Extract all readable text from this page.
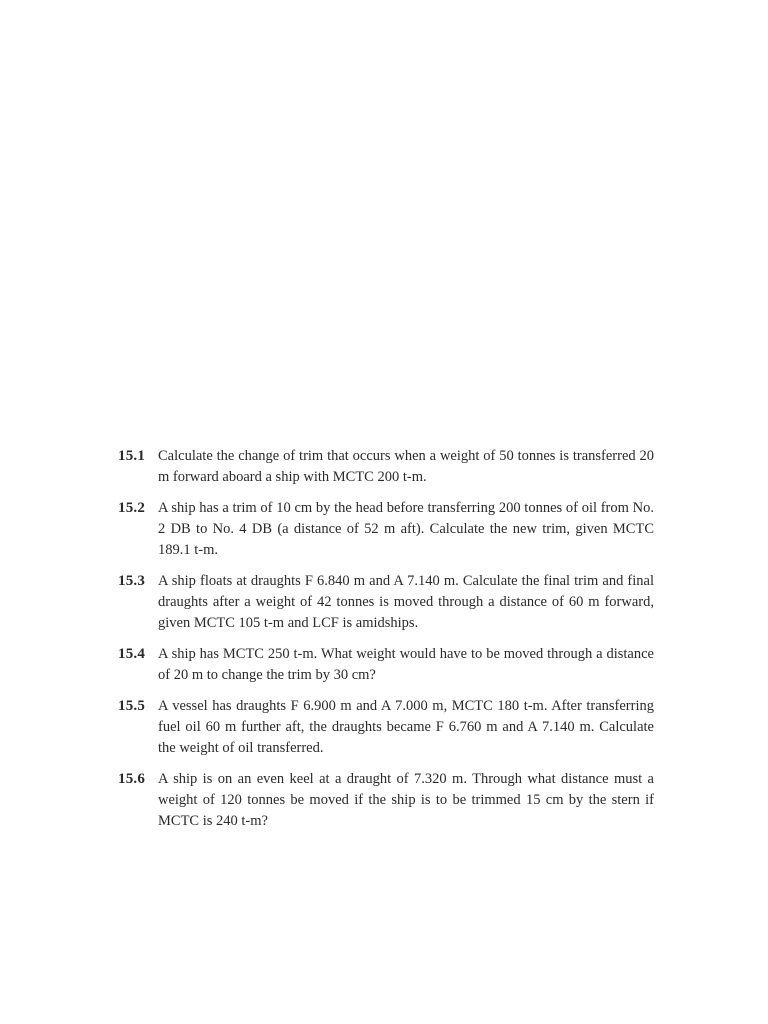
15.1 Calculate the change of trim that occurs when a weight of 50 tonnes is transferred 20 m forward aboard a ship with MCTC 200 t-m.

15.2 A ship has a trim of 10 cm by the head before transferring 200 tonnes of oil from No. 2 DB to No. 4 DB (a distance of 52 m aft). Calculate the new trim, given MCTC 189.1 t-m.

15.3 A ship floats at draughts F 6.840 m and A 7.140 m. Calculate the final trim and final draughts after a weight of 42 tonnes is moved through a distance of 60 m forward, given MCTC 105 t-m and LCF is amidships.

15.4 A ship has MCTC 250 t-m. What weight would have to be moved through a distance of 20 m to change the trim by 30 cm?

15.5 A vessel has draughts F 6.900 m and A 7.000 m, MCTC 180 t-m. After transferring fuel oil 60 m further aft, the draughts became F 6.760 m and A 7.140 m. Calculate the weight of oil transferred.

15.6 A ship is on an even keel at a draught of 7.320 m. Through what distance must a weight of 120 tonnes be moved if the ship is to be trimmed 15 cm by the stern if MCTC is 240 t-m?
